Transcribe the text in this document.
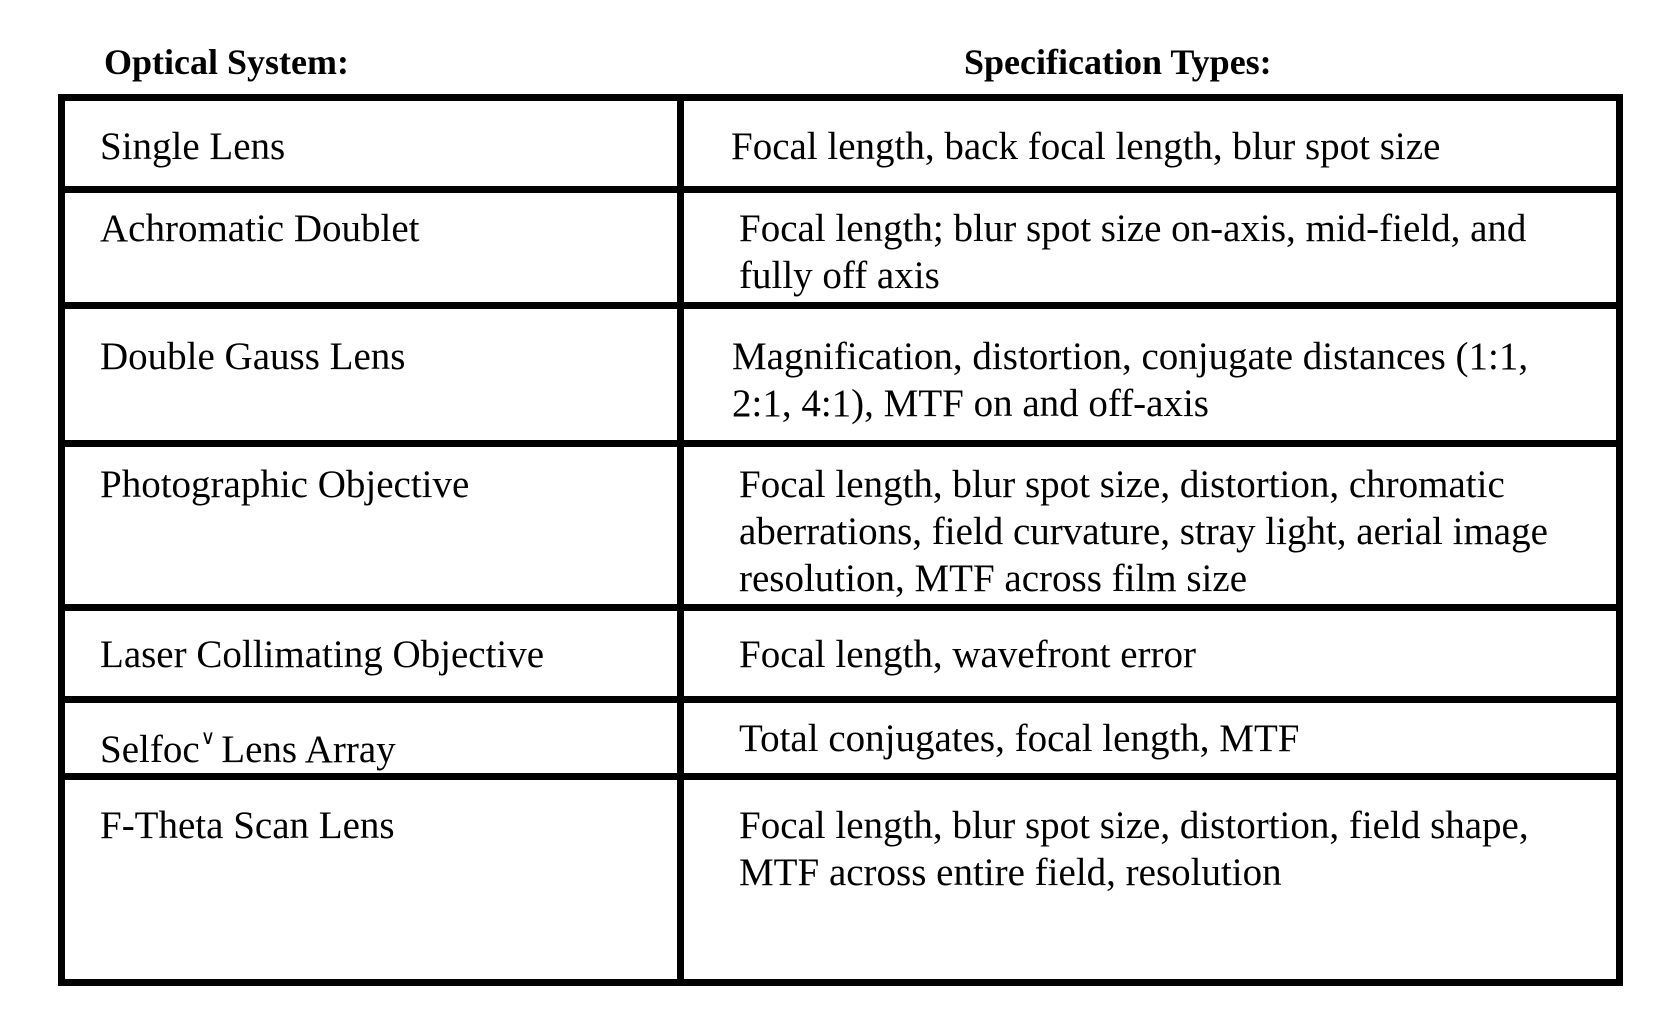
Optical System:	Specification Types:
Single Lens	Focal length, back focal length, blur spot size
Achromatic Doublet	Focal length; blur spot size on-axis, mid-field, and fully off axis
Double Gauss Lens	Magnification, distortion, conjugate distances (1:1, 2:1, 4:1), MTF on and off-axis
Photographic Objective	Focal length, blur spot size, distortion, chromatic aberrations, field curvature, stray light, aerial image resolution, MTF across film size
Laser Collimating Objective	Focal length, wavefront error
Selfoc∨ Lens Array	Total conjugates, focal length, MTF
F-Theta Scan Lens	Focal length, blur spot size, distortion, field shape, MTF across entire field, resolution
